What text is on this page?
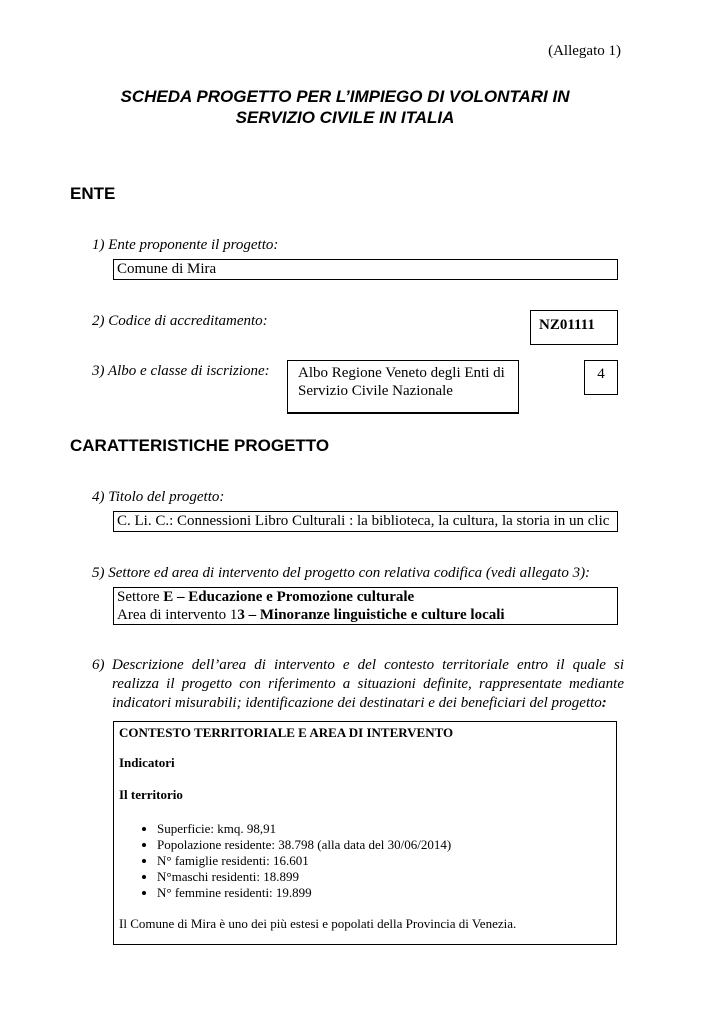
(Allegato 1)
SCHEDA PROGETTO PER L’IMPIEGO DI VOLONTARI IN
SERVIZIO CIVILE IN ITALIA
ENTE
1) Ente proponente il progetto:
Comune di Mira
2) Codice di accreditamento:	NZ01111
3) Albo e classe di iscrizione: Albo Regione Veneto degli Enti di
Servizio Civile Nazionale
4
CARATTERISTICHE PROGETTO
4) Titolo del progetto:
C. Li. C.: Connessioni Libro Culturali : la biblioteca, la cultura, la storia in un clic
5) Settore ed area di intervento del progetto con relativa codifica (vedi allegato 3):
Settore E – Educazione e Promozione culturale
Area di intervento 13 – Minoranze linguistiche e culture locali
6) Descrizione dell’area di intervento e del contesto territoriale entro il quale si realizza il progetto con riferimento a situazioni definite, rappresentate mediante indicatori misurabili; identificazione dei destinatari e dei beneficiari del progetto:
CONTESTO TERRITORIALE E AREA DI INTERVENTO
Indicatori
Il territorio
• Superficie: kmq. 98,91
• Popolazione residente: 38.798 (alla data del 30/06/2014)
• N° famiglie residenti: 16.601
• N°maschi residenti: 18.899
• N° femmine residenti: 19.899
Il Comune di Mira è uno dei più estesi e popolati della Provincia di Venezia.
